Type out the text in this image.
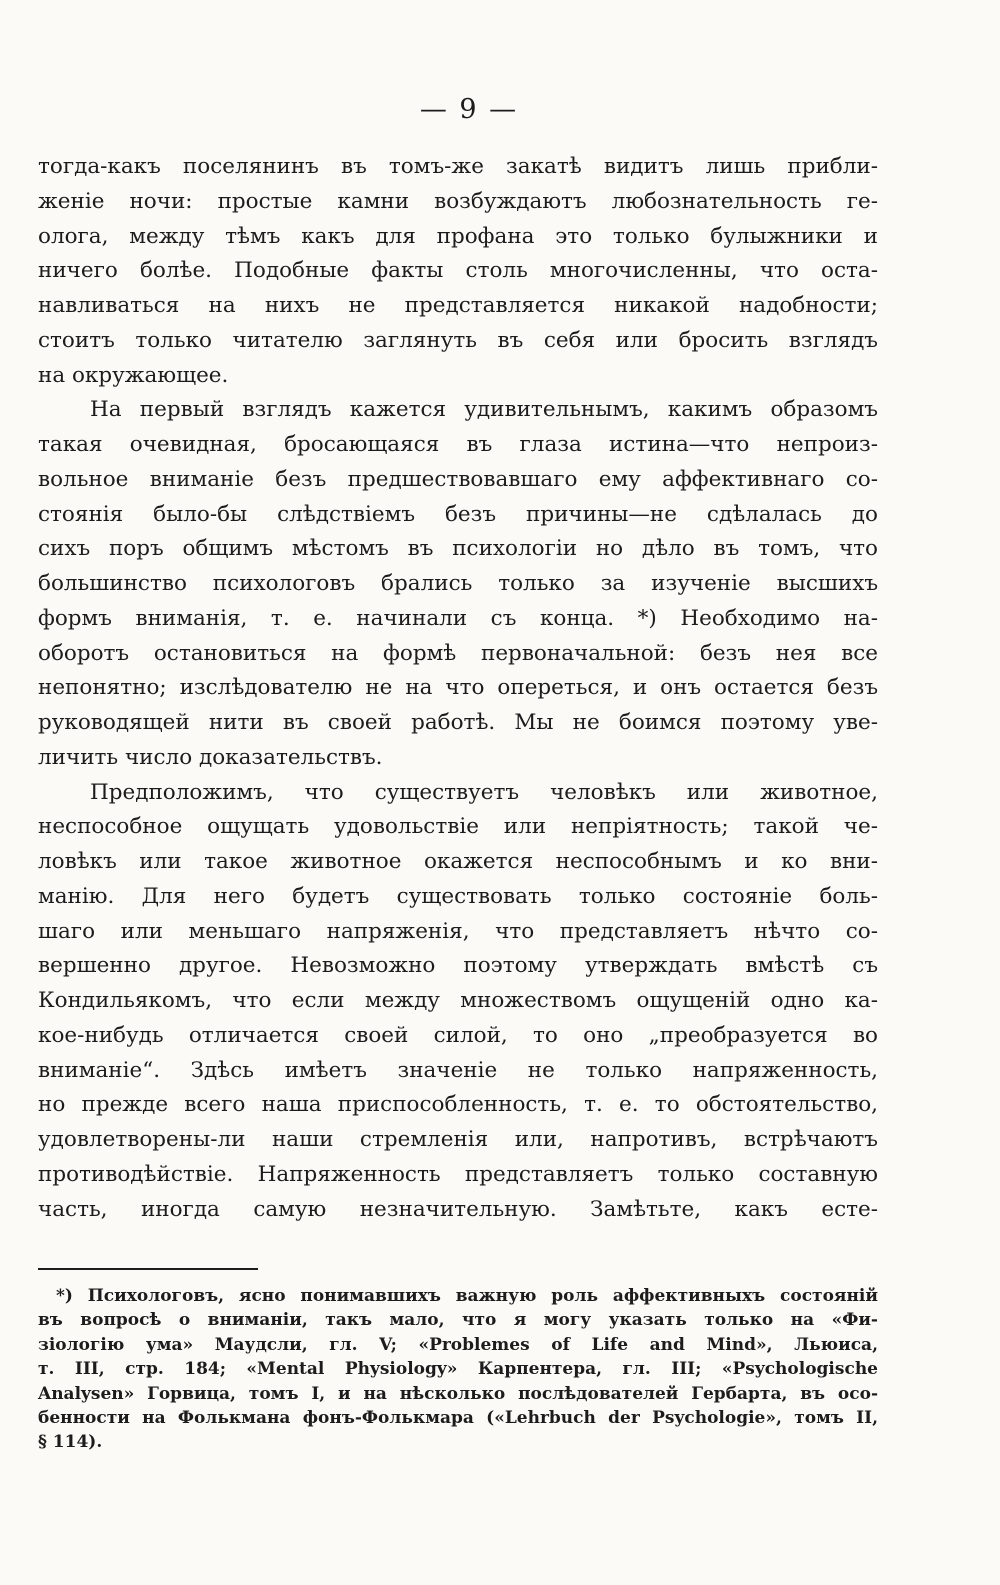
— 9 —
тогда-какъ поселянинъ въ томъ-же закатѣ видитъ лишь прибли-
женіе ночи: простые камни возбуждаютъ любознательность ге-
олога, между тѣмъ какъ для профана это только булыжники и
ничего болѣе. Подобные факты столь многочисленны, что оста-
навливаться на нихъ не представляется никакой надобности;
стоитъ только читателю заглянуть въ себя или бросить взглядъ
на окружающее.
На первый взглядъ кажется удивительнымъ, какимъ образомъ
такая очевидная, бросающаяся въ глаза истина—что непроиз-
вольное вниманіе безъ предшествовавшаго ему аффективнаго со-
стоянія было-бы слѣдствіемъ безъ причины—не сдѣлалась до
сихъ поръ общимъ мѣстомъ въ психологіи но дѣло въ томъ, что
большинство психологовъ брались только за изученіе высшихъ
формъ вниманія, т. е. начинали съ конца. *) Необходимо на-
оборотъ остановиться на формѣ первоначальной: безъ нея все
непонятно; изслѣдователю не на что опереться, и онъ остается безъ
руководящей нити въ своей работѣ. Мы не боимся поэтому уве-
личить число доказательствъ.
Предположимъ, что существуетъ человѣкъ или животное,
неспособное ощущать удовольствіе или непріятность; такой че-
ловѣкъ или такое животное окажется неспособнымъ и ко вни-
манію. Для него будетъ существовать только состояніе боль-
шаго или меньшаго напряженія, что представляетъ нѣчто со-
вершенно другое. Невозможно поэтому утверждать вмѣстѣ съ
Кондильякомъ, что если между множествомъ ощущеній одно ка-
кое-нибудь отличается своей силой, то оно „преобразуется во
вниманіе“. Здѣсь имѣетъ значеніе не только напряженность,
но прежде всего наша приспособленность, т. е. то обстоятельство,
удовлетворены-ли наши стремленія или, напротивъ, встрѣчаютъ
противодѣйствіе. Напряженность представляетъ только составную
часть, иногда самую незначительную. Замѣтьте, какъ есте-
*) Психологовъ, ясно понимавшихъ важную роль аффективныхъ состояній
въ вопросѣ о вниманіи, такъ мало, что я могу указать только на «Фи-
зіологію ума» Маудсли, гл. V; «Problemes of Life and Mind», Льюиса,
т. III, стр. 184; «Mental Physiology» Карпентера, гл. III; «Psychologische
Analysen» Горвица, томъ I, и на нѣсколько послѣдователей Гербарта, въ осо-
бенности на Фолькмана фонъ-Фолькмара («Lehrbuch der Psychologie», томъ II,
§ 114).
